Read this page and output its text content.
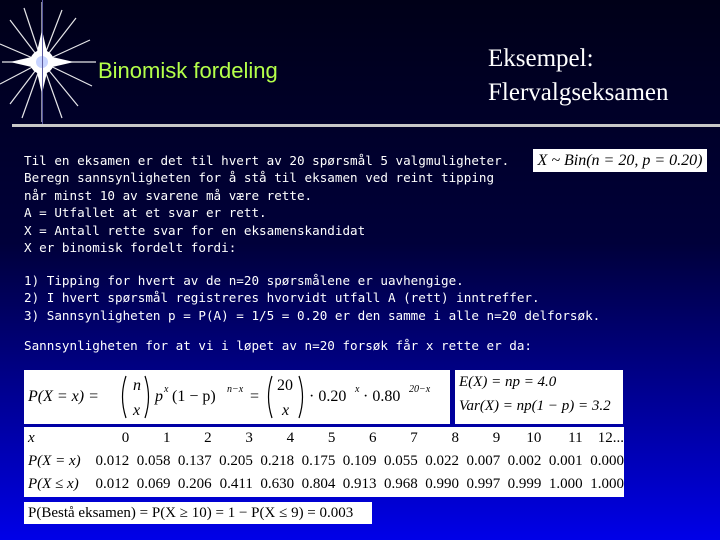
Binomisk fordeling	Eksempel:
Flervalgseksamen
X ~ Bin(n = 20, p = 0.20)
Til en eksamen er det til hvert av 20 spørsmål 5 valgmuligheter.
Beregn sannsynligheten for å stå til eksamen ved reint tipping
når minst 10 av svarene må være rette.
A = Utfallet at et svar er rett.
X = Antall rette svar for en eksamenskandidat
X er binomisk fordelt fordi:
1) Tipping for hvert av de n=20 spørsmålene er uavhengige.
2) I hvert spørsmål registreres hvorvidt utfall A (rett) inntreffer.
3) Sannsynligheten p = P(A) = 1/5 = 0.20 er den samme i alle n=20 delforsøk.
Sannsynligheten for at vi i løpet av n=20 forsøk får x rette er da:
P(X = x) =
n
x
p x (1 − p) n−x =
20
x
· 0.20 x · 0.80 20−x E(X) = np = 4.0
Var(X) = np(1 − p) = 3.2
x	0	1	2	3	4	5	6	7	8	9	10	11	12...
P(X = x)	0.012	0.058	0.137	0.205	0.218	0.175	0.109	0.055	0.022	0.007	0.002	0.001	0.000
P(X ≤ x)	0.012	0.069	0.206	0.411	0.630	0.804	0.913	0.968	0.990	0.997	0.999	1.000	1.000
P(Bestå eksamen) = P(X ≥ 10) = 1 − P(X ≤ 9) = 0.003
